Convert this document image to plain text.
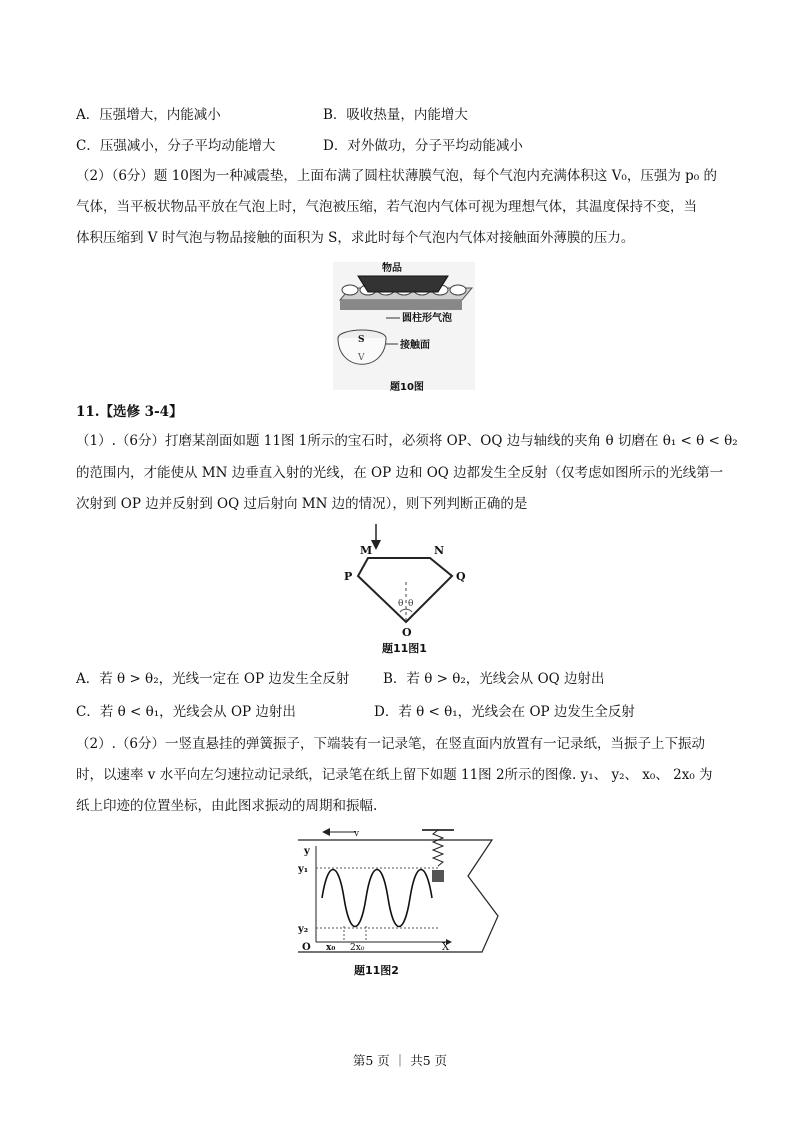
A．压强增大，内能减小	B．吸收热量，内能增大
C．压强减小，分子平均动能增大	D．对外做功，分子平均动能减小
（2）（6分）题 10图为一种减震垫，上面布满了圆柱状薄膜气泡，每个气泡内充满体积这 V₀，压强为 p₀ 的
气体，当平板状物品平放在气泡上时，气泡被压缩，若气泡内气体可视为理想气体，其温度保持不变，当
体积压缩到 V 时气泡与物品接触的面积为 S，求此时每个气泡内气体对接触面外薄膜的压力。
物品
圆柱形气泡
S
V
接触面
题10图
11.【选修 3-4】
（1）.（6分）打磨某剖面如题 11图 1所示的宝石时，必须将 OP、OQ 边与轴线的夹角 θ 切磨在 θ₁ < θ < θ₂
的范围内，才能使从 MN 边垂直入射的光线，在 OP 边和 OQ 边都发生全反射（仅考虑如图所示的光线第一
次射到 OP 边并反射到 OQ 过后射向 MN 边的情况），则下列判断正确的是
M	N
P	Q
θ θ
O
题11图1
A．若 θ > θ₂，光线一定在 OP 边发生全反射 B．若 θ > θ₂，光线会从 OQ 边射出
C．若 θ < θ₁，光线会从 OP 边射出	D．若 θ < θ₁，光线会在 OP 边发生全反射
（2）.（6分）一竖直悬挂的弹簧振子，下端装有一记录笔，在竖直面内放置有一记录纸，当振子上下振动
时，以速率 v 水平向左匀速拉动记录纸，记录笔在纸上留下如题 11图 2所示的图像. y₁、 y₂、 x₀、 2x₀ 为
纸上印迹的位置坐标，由此图求振动的周期和振幅.
v
y
y₁
y₂
O x₀ 2x₀	X
题11图2
第5 页 ｜ 共5 页
